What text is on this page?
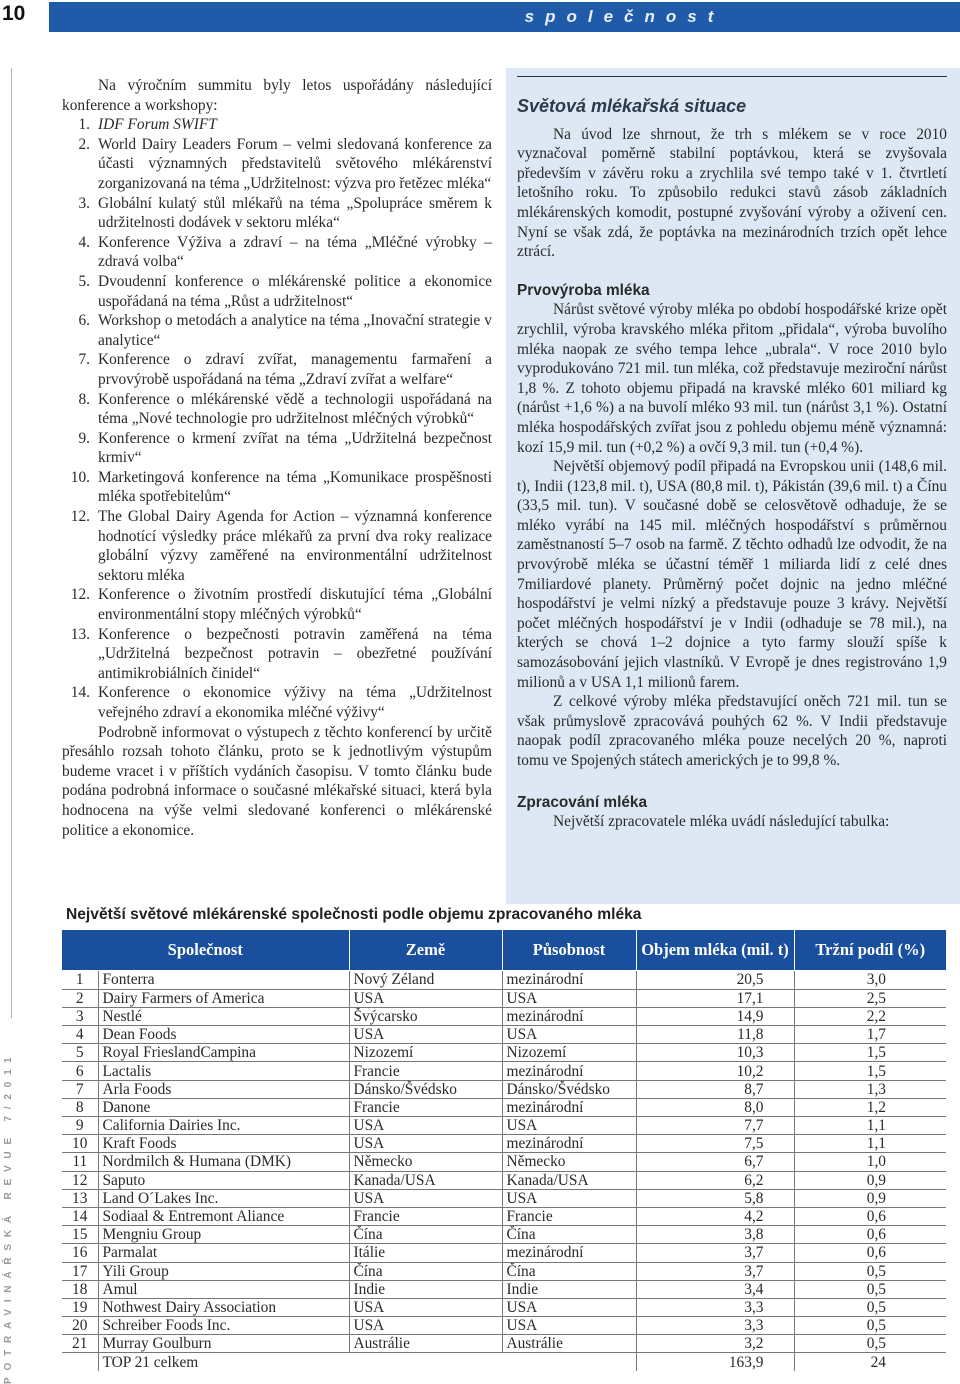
10	společnost
POTRAVINÁŘSKÁ REVUE 7/2011

Na výročním summitu byly letos uspořádány následující konference a workshopy:

1. IDF Forum SWIFT
2. World Dairy Leaders Forum – velmi sledovaná konference za účasti významných představitelů světového mlékárenství zorganizovaná na téma „Udržitelnost: výzva pro řetězec mléka“
3. Globální kulatý stůl mlékařů na téma „Spolupráce směrem k udržitelnosti dodávek v sektoru mléka“
4. Konference Výživa a zdraví – na téma „Mléčné výrobky – zdravá volba“
5. Dvoudenní konference o mlékárenské politice a ekonomice uspořádaná na téma „Růst a udržitelnost“
6. Workshop o metodách a analytice na téma „Inovační strategie v analytice“
7. Konference o zdraví zvířat, managementu farmaření a prvovýrobě uspořádaná na téma „Zdraví zvířat a welfare“
8. Konference o mlékárenské vědě a technologii uspořádaná na téma „Nové technologie pro udržitelnost mléčných výrobků“
9. Konference o krmení zvířat na téma „Udržitelná bezpečnost krmiv“
10. Marketingová konference na téma „Komunikace prospěšnosti mléka spotřebitelům“
12. The Global Dairy Agenda for Action – významná konference hodnotící výsledky práce mlékařů za první dva roky realizace globální výzvy zaměřené na environmentální udržitelnost sektoru mléka
12. Konference o životním prostředí diskutující téma „Globální environmentální stopy mléčných výrobků“
13. Konference o bezpečnosti potravin zaměřená na téma „Udržitelná bezpečnost potravin – obezřetné používání antimikrobiálních činidel“
14. Konference o ekonomice výživy na téma „Udržitelnost veřejného zdraví a ekonomika mléčné výživy“

Podrobně informovat o výstupech z těchto konferencí by určitě přesáhlo rozsah tohoto článku, proto se k jednotlivým výstupům budeme vracet i v příštích vydáních časopisu. V tomto článku bude podána podrobná informace o současné mlékařské situaci, která byla hodnocena na výše velmi sledované konferenci o mlékárenské politice a ekonomice.

Světová mlékařská situace

Na úvod lze shrnout, že trh s mlékem se v roce 2010 vyznačoval poměrně stabilní poptávkou, která se zvyšovala především v závěru roku a zrychlila své tempo také v 1. čtvrtletí letošního roku. To způsobilo redukci stavů zásob základních mlékárenských komodit, postupné zvyšování výroby a oživení cen. Nyní se však zdá, že poptávka na mezinárodních trzích opět lehce ztrácí.

Prvovýroba mléka

Nárůst světové výroby mléka po období hospodářské krize opět zrychlil, výroba kravského mléka přitom „přidala“, výroba buvolího mléka naopak ze svého tempa lehce „ubrala“. V roce 2010 bylo vyprodukováno 721 mil. tun mléka, což představuje meziroční nárůst 1,8 %. Z tohoto objemu připadá na kravské mléko 601 miliard kg (nárůst +1,6 %) a na buvolí mléko 93 mil. tun (nárůst 3,1 %). Ostatní mléka hospodářských zvířat jsou z pohledu objemu méně významná: kozí 15,9 mil. tun (+0,2 %) a ovčí 9,3 mil. tun (+0,4 %).

Největší objemový podíl připadá na Evropskou unii (148,6 mil. t), Indii (123,8 mil. t), USA (80,8 mil. t), Pákistán (39,6 mil. t) a Čínu (33,5 mil. tun). V současné době se celosvětově odhaduje, že se mléko vyrábí na 145 mil. mléčných hospodářství s průměrnou zaměstnaností 5–7 osob na farmě. Z těchto odhadů lze odvodit, že na prvovýrobě mléka se účastní téměř 1 miliarda lidí z celé dnes 7miliardové planety. Průměrný počet dojnic na jedno mléčné hospodářství je velmi nízký a představuje pouze 3 krávy. Největší počet mléčných hospodářství je v Indii (odhaduje se 78 mil.), na kterých se chová 1–2 dojnice a tyto farmy slouží spíše k samozásobování jejich vlastníků. V Evropě je dnes registrováno 1,9 milionů a v USA 1,1 milionů farem.

Z celkové výroby mléka představující oněch 721 mil. tun se však průmyslově zpracovává pouhých 62 %. V Indii představuje naopak podíl zpracovaného mléka pouze necelých 20 %, naproti tomu ve Spojených státech amerických je to 99,8 %.

Zpracování mléka

Největší zpracovatele mléka uvádí následující tabulka:

Největší světové mlékárenské společnosti podle objemu zpracovaného mléka
Společnost		Země	Působnost	Objem mléka (mil. t)	Tržní podíl (%)

1	Fonterra	Nový Zéland	mezinárodní	20,5	3,0
2	Dairy Farmers of America	USA	USA	17,1	2,5
3	Nestlé	Švýcarsko	mezinárodní	14,9	2,2
4	Dean Foods	USA	USA	11,8	1,7
5	Royal FrieslandCampina	Nizozemí	Nizozemí	10,3	1,5
6	Lactalis	Francie	mezinárodní	10,2	1,5
7	Arla Foods	Dánsko/Švédsko	Dánsko/Švédsko	8,7	1,3
8	Danone	Francie	mezinárodní	8,0	1,2
9	California Dairies Inc.	USA	USA	7,7	1,1
10	Kraft Foods	USA	mezinárodní	7,5	1,1
11	Nordmilch & Humana (DMK)	Německo	Německo	6,7	1,0
12	Saputo	Kanada/USA	Kanada/USA	6,2	0,9
13	Land O´Lakes Inc.	USA	USA	5,8	0,9
14	Sodiaal & Entremont Aliance	Francie	Francie	4,2	0,6
15	Mengniu Group	Čína	Čína	3,8	0,6
16	Parmalat	Itálie	mezinárodní	3,7	0,6
17	Yili Group	Čína	Čína	3,7	0,5
18	Amul	Indie	Indie	3,4	0,5
19	Nothwest Dairy Association	USA	USA	3,3	0,5
20	Schreiber Foods Inc.	USA	USA	3,3	0,5
21	Murray Goulburn	Austrálie	Austrálie	3,2	0,5
	TOP 21 celkem			163,9	24
